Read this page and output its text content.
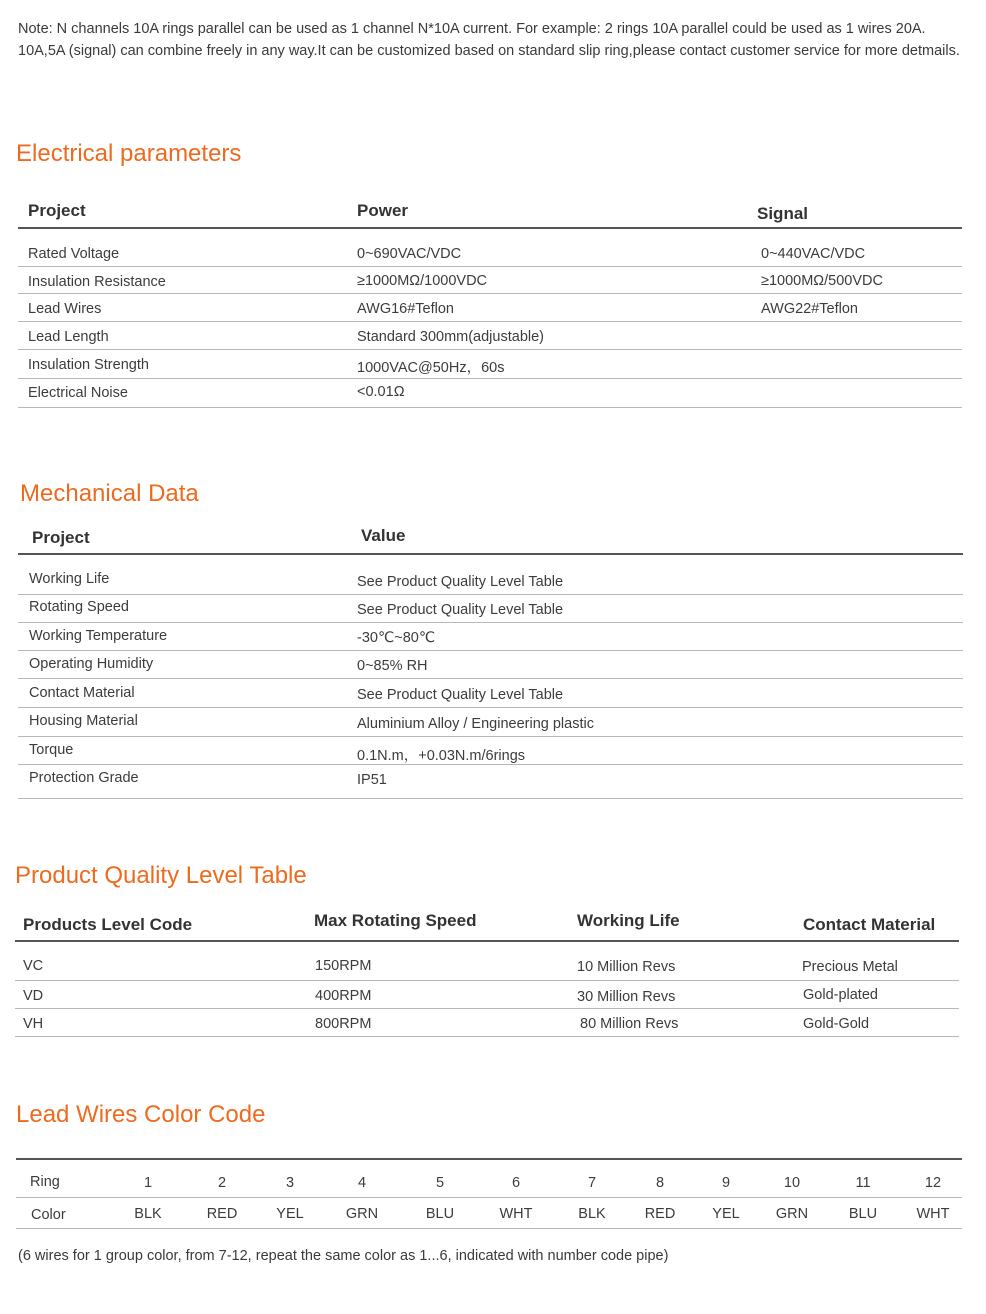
Note: N channels 10A rings parallel can be used as 1 channel N*10A current. For example: 2 rings 10A parallel could be used as 1 wires 20A. 10A,5A (signal) can combine freely in any way.It can be customized based on standard slip ring,please contact customer service for more detmails.
Electrical parameters
Project	Power	Signal
Rated Voltage	0~690VAC/VDC	0~440VAC/VDC
Insulation Resistance	≥1000MΩ/1000VDC	≥1000MΩ/500VDC
Lead Wires	AWG16#Teflon	AWG22#Teflon
Lead Length	Standard 300mm(adjustable)
Insulation Strength	1000VAC@50Hz，60s
Electrical Noise	<0.01Ω
Mechanical Data
Project	Value
Working Life	See Product Quality Level Table
Rotating Speed	See Product Quality Level Table
Working Temperature	-30℃~80℃
Operating Humidity	0~85% RH
Contact Material	See Product Quality Level Table
Housing Material	Aluminium Alloy / Engineering plastic
Torque	0.1N.m，+0.03N.m/6rings
Protection Grade	IP51
Product Quality Level Table
Products Level Code	Max Rotating Speed	Working Life	Contact Material
VC	150RPM	10 Million Revs	Precious Metal
VD	400RPM	30 Million Revs	Gold-plated
VH	800RPM	80 Million Revs	Gold-Gold
Lead Wires Color Code
Ring	1	2	3	4	5	6	7	8	9	10	11	12
Color	BLK	RED	YEL	GRN	BLU	WHT	BLK	RED	YEL	GRN	BLU	WHT
(6 wires for 1 group color, from 7-12, repeat the same color as 1...6, indicated with number code pipe)
